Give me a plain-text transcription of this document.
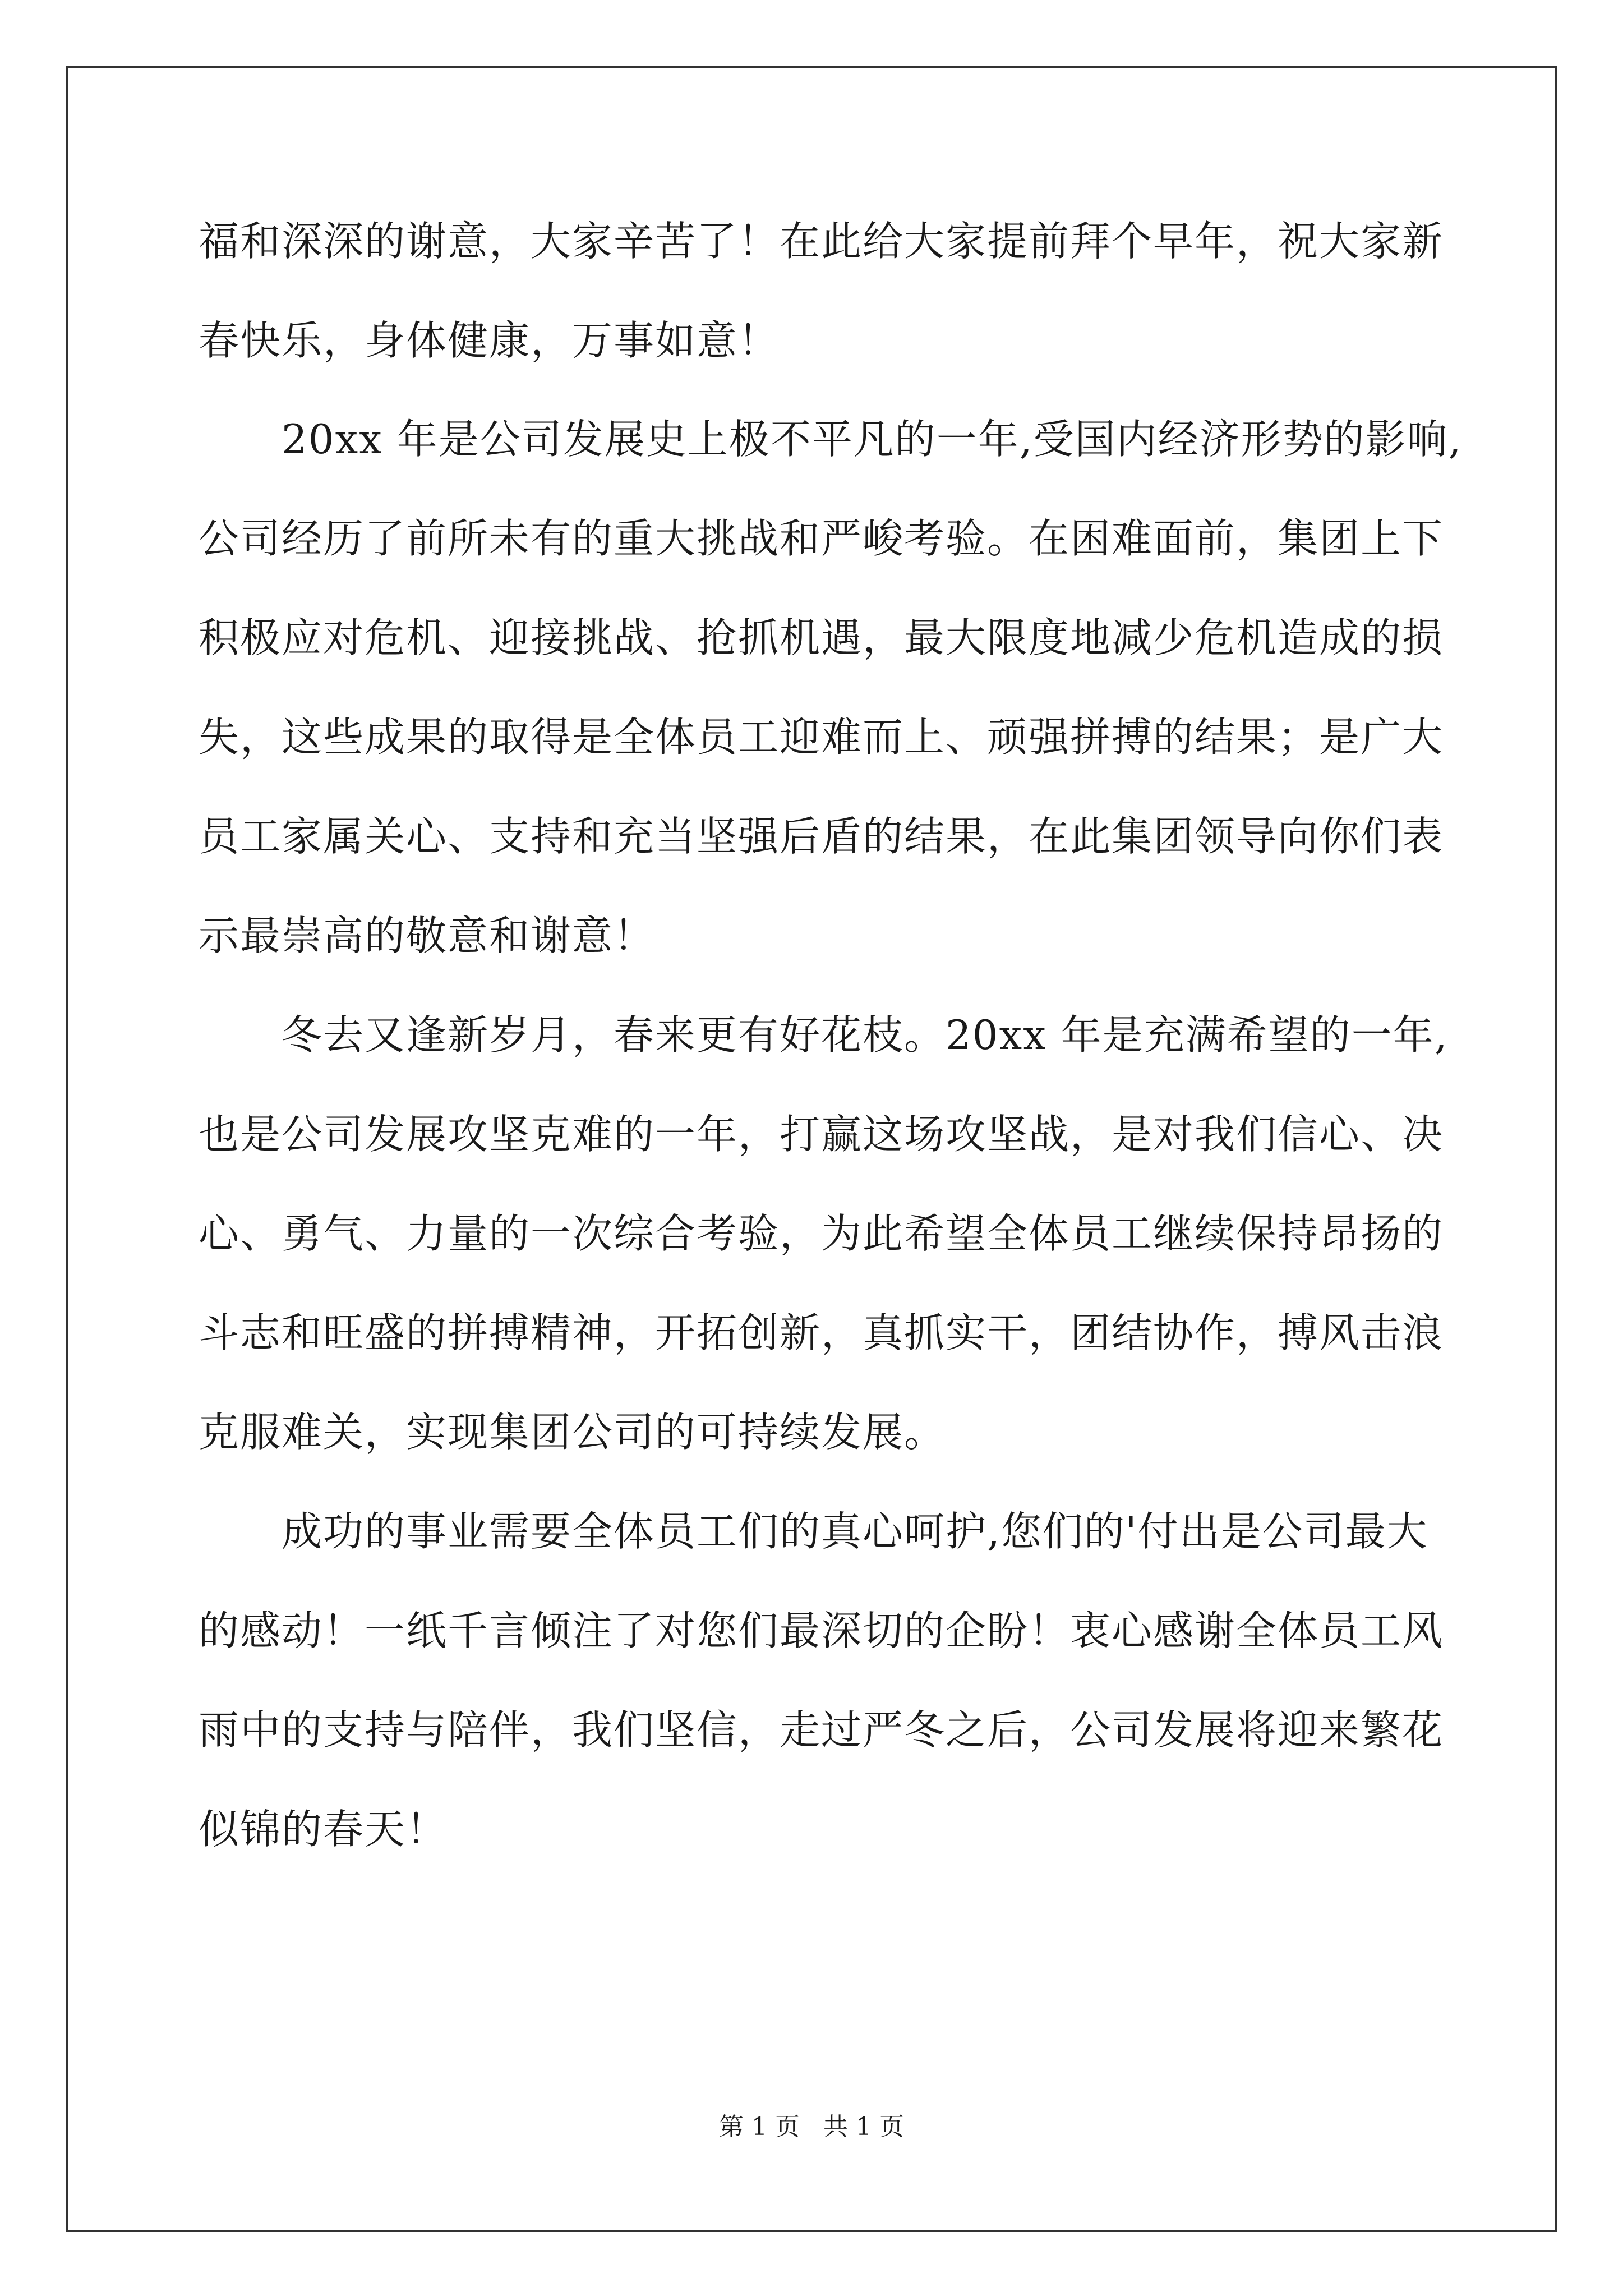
福和深深的谢意，大家辛苦了！在此给大家提前拜个早年，祝大家新
春快乐，身体健康，万事如意！
　　20xx 年是公司发展史上极不平凡的一年,受国内经济形势的影响,
公司经历了前所未有的重大挑战和严峻考验。在困难面前，集团上下
积极应对危机、迎接挑战、抢抓机遇，最大限度地减少危机造成的损
失，这些成果的取得是全体员工迎难而上、顽强拼搏的结果；是广大
员工家属关心、支持和充当坚强后盾的结果，在此集团领导向你们表
示最崇高的敬意和谢意！
　　冬去又逢新岁月，春来更有好花枝。20xx 年是充满希望的一年,
也是公司发展攻坚克难的一年，打赢这场攻坚战，是对我们信心、决
心、勇气、力量的一次综合考验，为此希望全体员工继续保持昂扬的
斗志和旺盛的拼搏精神，开拓创新，真抓实干，团结协作，搏风击浪
克服难关，实现集团公司的可持续发展。
　　成功的事业需要全体员工们的真心呵护,您们的'付出是公司最大
的感动！一纸千言倾注了对您们最深切的企盼！衷心感谢全体员工风
雨中的支持与陪伴，我们坚信，走过严冬之后，公司发展将迎来繁花
似锦的春天！
第 1 页   共 1 页
